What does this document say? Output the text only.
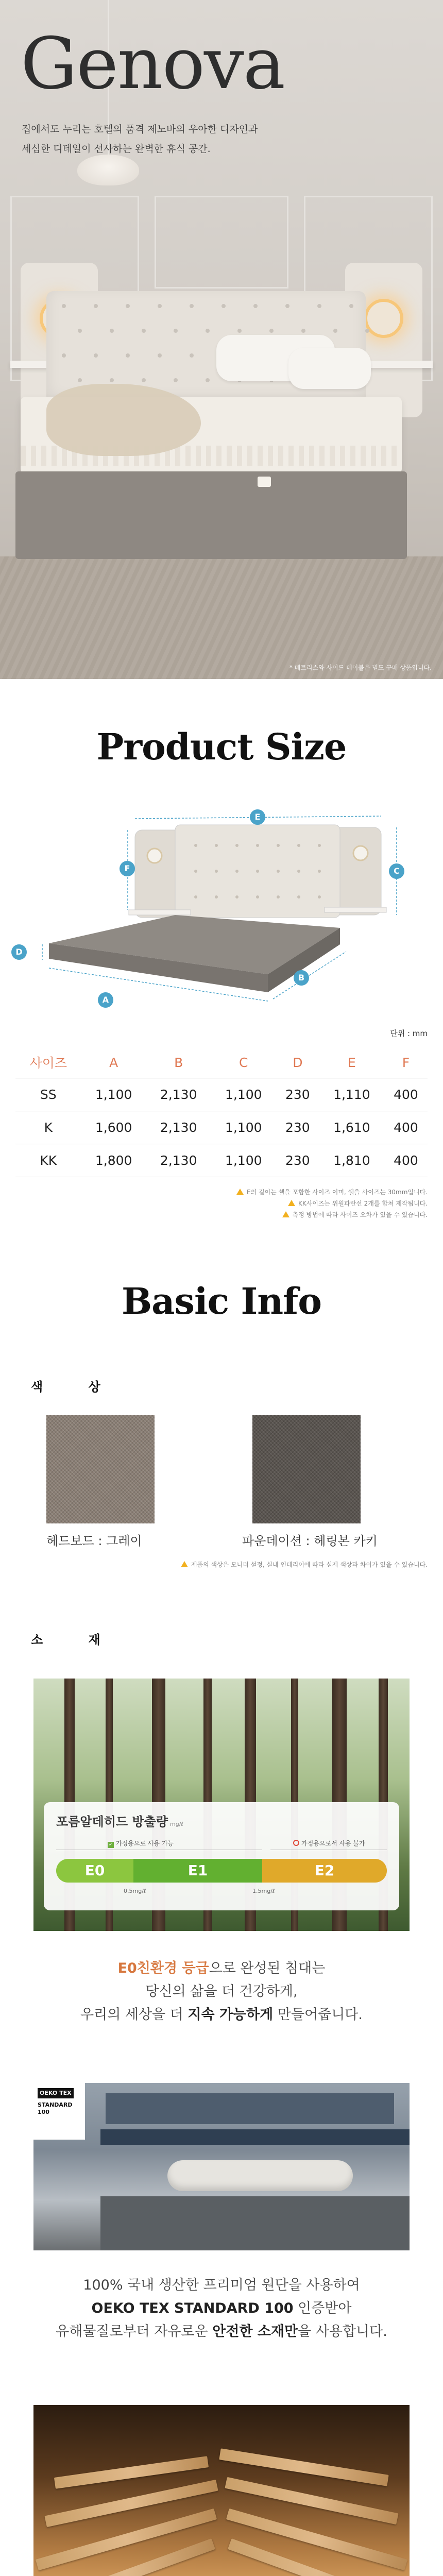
Genova
집에서도 누리는 호텔의 품격 제노바의 우아한 디자인과
세심한 디테일이 선사하는 완벽한 휴식 공간.
* 매트리스와 사이드 테이블은 별도 구매 상품입니다.
Product Size
A
B
C
D
E
F
단위 : mm
사이즈	A	B	C	D	E	F
SS	1,100	2,130	1,100	230	1,110	400
K	1,600	2,130	1,100	230	1,610	400
KK	1,800	2,130	1,100	230	1,810	400
E의 길이는 쉘을 포함한 사이즈 이며, 쉘을 사이즈는 30mm입니다.
KK사이즈는 위원파란선 2개를 합쳐 제작됩니다.
측정 방법에 따라 사이즈 오차가 있을 수 있습니다.
Basic Info
색 상
헤드보드 : 그레이	파운데이션 : 헤링본 카키
제품의 색상은 모니터 설정, 실내 인테리어에 따라 실제 색상과 차이가 있을 수 있습니다.
소 재
포름알데히드 방출량 mg/ℓ
✓ 가정용으로 사용 가능	가정용으로서 사용 불가
E0	E1	E2
0.5mg/ℓ	1.5mg/ℓ
E0친환경 등급으로 완성된 침대는
당신의 삶을 더 건강하게,
우리의 세상을 더 지속 가능하게 만들어줍니다.
OEKO TEX
STANDARD
100
100% 국내 생산한 프리미엄 원단을 사용하여
OEKO TEX STANDARD 100 인증받아
유해물질로부터 자유로운 안전한 소재만을 사용합니다.
